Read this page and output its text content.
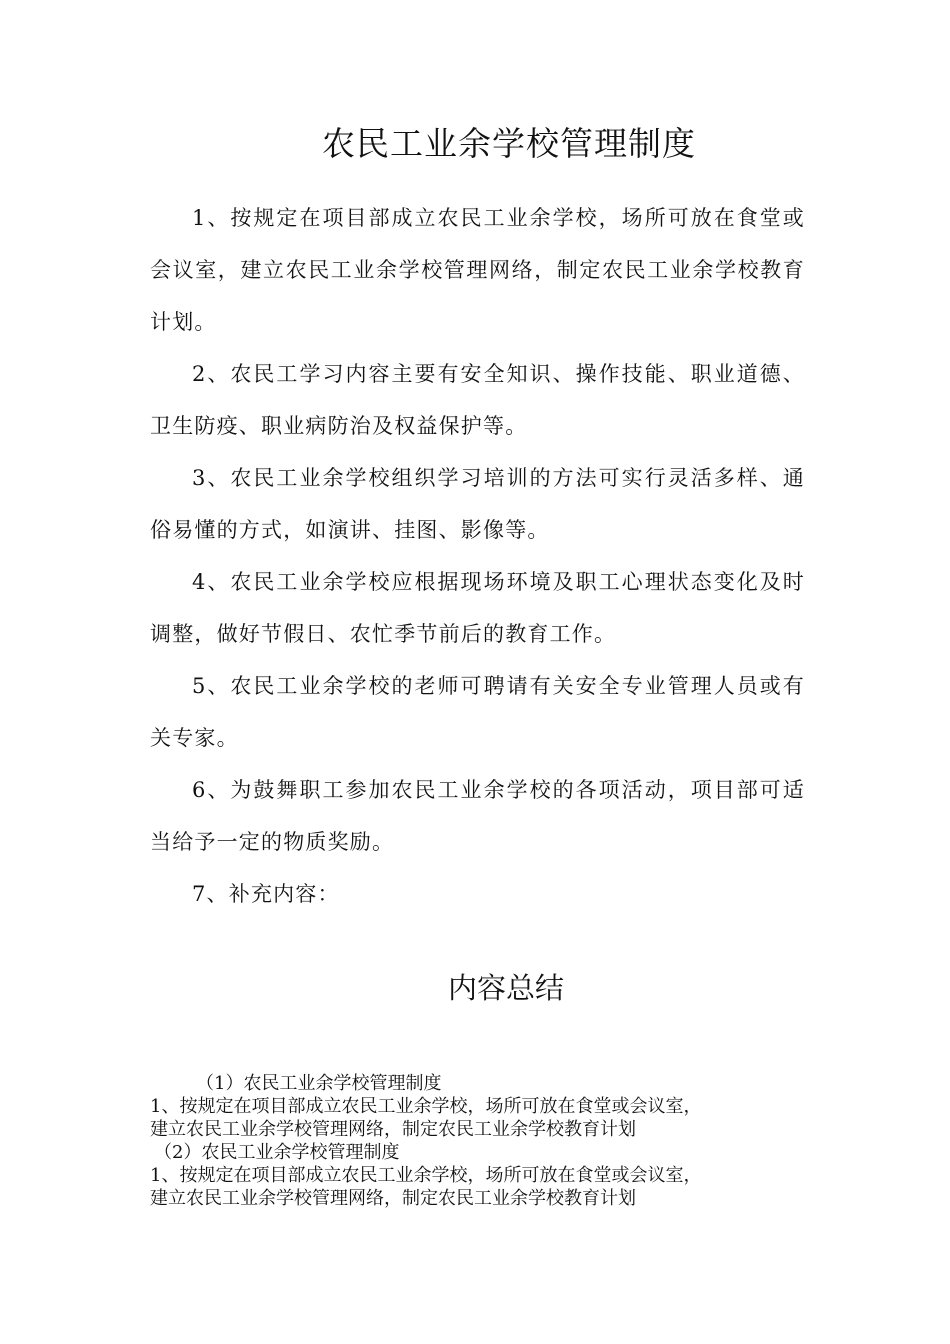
农民工业余学校管理制度

1、按规定在项目部成立农民工业余学校，场所可放在食堂或会议室，建立农民工业余学校管理网络，制定农民工业余学校教育计划。

2、农民工学习内容主要有安全知识、操作技能、职业道德、卫生防疫、职业病防治及权益保护等。

3、农民工业余学校组织学习培训的方法可实行灵活多样、通俗易懂的方式，如演讲、挂图、影像等。

4、农民工业余学校应根据现场环境及职工心理状态变化及时调整，做好节假日、农忙季节前后的教育工作。

5、农民工业余学校的老师可聘请有关安全专业管理人员或有关专家。

6、为鼓舞职工参加农民工业余学校的各项活动，项目部可适当给予一定的物质奖励。

7、补充内容：

内容总结

（1）农民工业余学校管理制度

1、按规定在项目部成立农民工业余学校，场所可放在食堂或会议室，

建立农民工业余学校管理网络，制定农民工业余学校教育计划

（2）农民工业余学校管理制度

1、按规定在项目部成立农民工业余学校，场所可放在食堂或会议室，

建立农民工业余学校管理网络，制定农民工业余学校教育计划
